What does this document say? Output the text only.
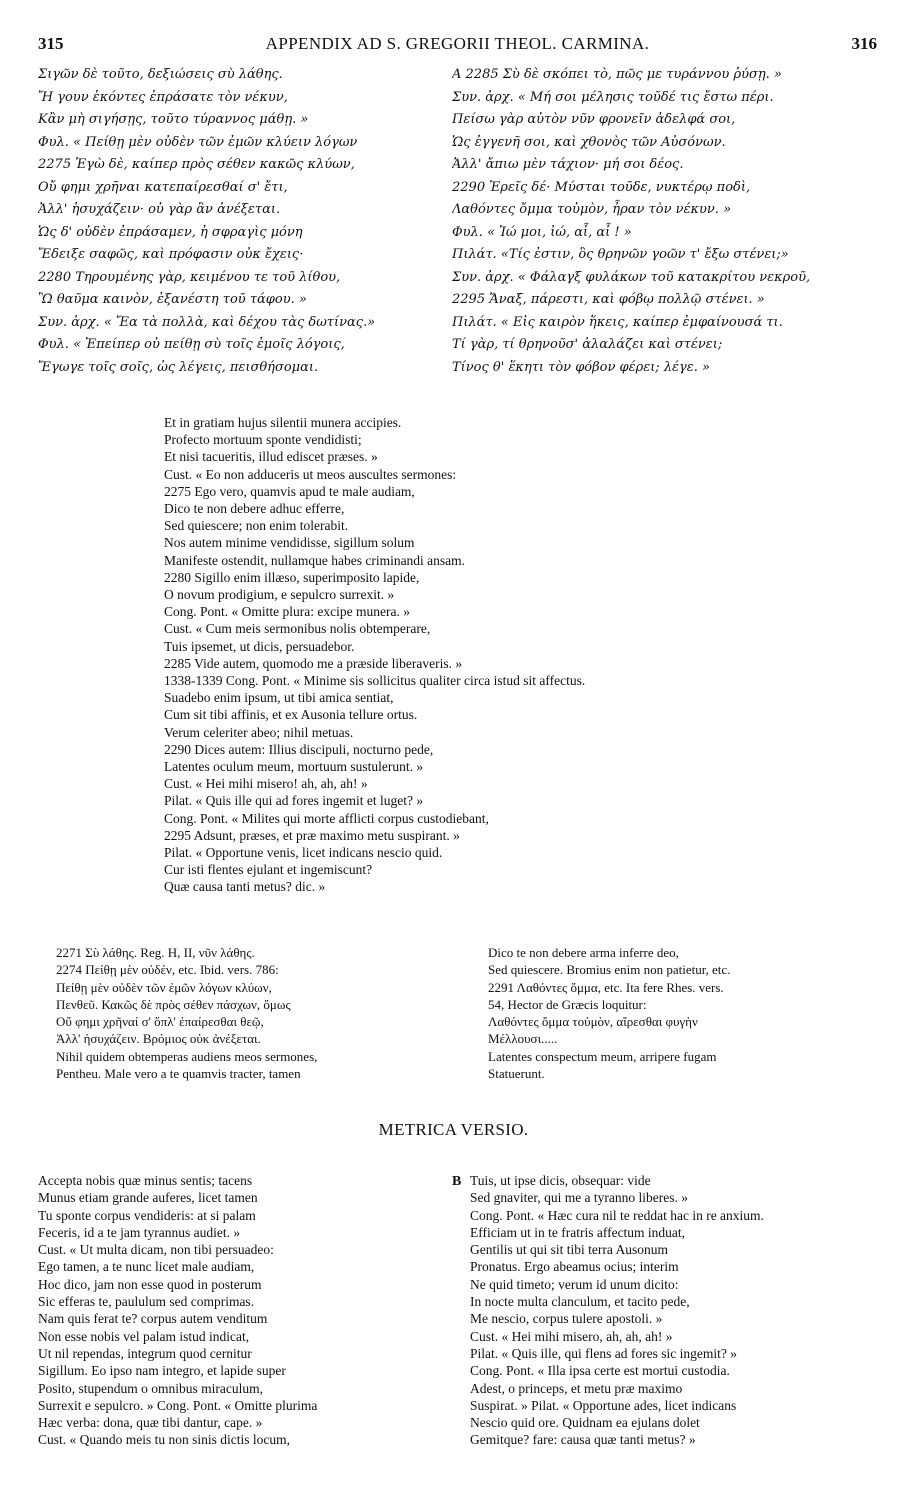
315	APPENDIX AD S. GREGORII THEOL. CARMINA.	316
Σιγῶν δὲ τοῦτο, δεξιώσεις σὺ λάθης.
Ἤ γουν ἑκόντες ἐπράσατε τὸν νέκυν,
Κἂν μὴ σιγήσῃς, τοῦτο τύραννος μάθῃ. »
Φυλ. « Πείθῃ μὲν οὐδὲν τῶν ἐμῶν κλύειν λόγων
2275 Ἐγὼ δὲ, καίπερ πρὸς σέθεν κακῶς κλύων,
Οὔ φημι χρῆναι κατεπαίρεσθαί σ' ἔτι,
Ἀλλ' ἡσυχάζειν· οὐ γὰρ ἂν ἀνέξεται.
Ὡς δ' οὐδὲν ἐπράσαμεν, ἡ σφραγὶς μόνη
Ἔδειξε σαφῶς, καὶ πρόφασιν οὐκ ἔχεις·
2280 Τηρουμένης γὰρ, κειμένου τε τοῦ λίθου,
Ὢ θαῦμα καινὸν, ἐξανέστη τοῦ τάφου. »
Συν. ἀρχ. « Ἔα τὰ πολλὰ, καὶ δέχου τὰς δωτίνας.»
Φυλ. « Ἐπείπερ οὐ πείθῃ σὺ τοῖς ἐμοῖς λόγοις,
Ἔγωγε τοῖς σοῖς, ὡς λέγεις, πεισθήσομαι.
A 2285 Σὺ δὲ σκόπει τὸ, πῶς με τυράννου ῥύσῃ. »
Συν. ἀρχ. « Μή σοι μέλησις τοῦδέ τις ἔστω πέρι.
Πείσω γὰρ αὐτὸν νῦν φρονεῖν ἀδελφά σοι,
Ὡς ἐγγενῆ σοι, καὶ χθονὸς τῶν Αὐσόνων.
Ἀλλ' ἄπιω μὲν τάχιον· μή σοι δέος.
2290 Ἐρεῖς δέ· Μύσται τοῦδε, νυκτέρῳ ποδὶ,
Λαθόντες ὄμμα τοὐμὸν, ἦραν τὸν νέκυν. »
Φυλ. « Ἰώ μοι, ἰώ, αἶ, αἶ ! »
Πιλάτ. «Τίς ἐστιν, ὃς θρηνῶν γοῶν τ' ἔξω στένει;»
Συν. ἀρχ. « Φάλαγξ φυλάκων τοῦ κατακρίτου νεκροῦ,
2295 Ἄναξ, πάρεστι, καὶ φόβῳ πολλῷ στένει. »
Πιλάτ. « Εἰς καιρὸν ἥκεις, καίπερ ἐμφαίνουσά τι.
Τί γὰρ, τί θρηνοῦσ' ἀλαλάζει καὶ στένει;
Τίνος θ' ἕκητι τὸν φόβον φέρει; λέγε. »
Et in gratiam hujus silentii munera accipies.
Profecto mortuum sponte vendidisti;
Et nisi tacueritis, illud ediscet præses. »
Cust. « Eo non adduceris ut meos auscultes sermones:
2275 Ego vero, quamvis apud te male audiam,
Dico te non debere adhuc efferre,
Sed quiescere; non enim tolerabit.
Nos autem minime vendidisse, sigillum solum
Manifeste ostendit, nullamque habes criminandi ansam.
2280 Sigillo enim illæso, superimposito lapide,
O novum prodigium, e sepulcro surrexit. »
Cong. Pont. « Omitte plura: excipe munera. »
Cust. « Cum meis sermonibus nolis obtemperare,
Tuis ipsemet, ut dicis, persuadebor.
2285 Vide autem, quomodo me a præside liberaveris. »
1338-1339 Cong. Pont. « Minime sis sollicitus qualiter circa istud sit affectus.
Suadebo enim ipsum, ut tibi amica sentiat,
Cum sit tibi affinis, et ex Ausonia tellure ortus.
Verum celeriter abeo; nihil metuas.
2290 Dices autem: Illius discipuli, nocturno pede,
Latentes oculum meum, mortuum sustulerunt. »
Cust. « Hei mihi misero! ah, ah, ah! »
Pilat. « Quis ille qui ad fores ingemit et luget? »
Cong. Pont. « Milites qui morte afflicti corpus custodiebant,
2295 Adsunt, præses, et præ maximo metu suspirant. »
Pilat. « Opportune venis, licet indicans nescio quid.
Cur isti flentes ejulant et ingemiscunt?
Quæ causa tanti metus? dic. »
2271 Σὺ λάθης. Reg. H, II, νῦν λάθης.
2274 Πείθῃ μὲν οὐδέν, etc. Ibid. vers. 786:
Πείθῃ μὲν οὐδὲν τῶν ἐμῶν λόγων κλύων,
Πενθεῦ. Κακῶς δὲ πρὸς σέθεν πάσχων, ὅμως
Οὔ φημι χρῆναί σ' ὅπλ' ἐπαίρεσθαι θεῷ,
Ἀλλ' ἡσυχάζειν. Βρόμιος οὐκ ἀνέξεται.
Nihil quidem obtemperas audiens meos sermones,
Pentheu. Male vero a te quamvis tracter, tamen
Dico te non debere arma inferre deo,
Sed quiescere. Bromius enim non patietur, etc.
2291 Λαθόντες ὄμμα, etc. Ita fere Rhes. vers.
54, Hector de Græcis loquitur:
Λαθόντες ὄμμα τοὐμὸν, αἴρεσθαι φυγὴν
Μέλλουσι.....
Latentes conspectum meum, arripere fugam
Statuerunt.
METRICA VERSIO.
Accepta nobis quæ minus sentis; tacens
Munus etiam grande auferes, licet tamen
Tu sponte corpus vendideris: at si palam
Feceris, id a te jam tyrannus audiet. »
Cust. « Ut multa dicam, non tibi persuadeo:
Ego tamen, a te nunc licet male audiam,
Hoc dico, jam non esse quod in posterum
Sic efferas te, paululum sed comprimas.
Nam quis ferat te? corpus autem venditum
Non esse nobis vel palam istud indicat,
Ut nil rependas, integrum quod cernitur
Sigillum. Eo ipso nam integro, et lapide super
Posito, stupendum o omnibus miraculum,
Surrexit e sepulcro. » Cong. Pont. « Omitte plurima
Hæc verba: dona, quæ tibi dantur, cape. »
Cust. « Quando meis tu non sinis dictis locum,
B Tuis, ut ipse dicis, obsequar: vide
Sed gnaviter, qui me a tyranno liberes. »
Cong. Pont. « Hæc cura nil te reddat hac in re anxium.
Efficiam ut in te fratris affectum induat,
Gentilis ut qui sit tibi terra Ausonum
Pronatus. Ergo abeamus ocius; interim
Ne quid timeto; verum id unum dicito:
In nocte multa clanculum, et tacito pede,
Me nescio, corpus tulere apostoli. »
Cust. « Hei mihi misero, ah, ah, ah! »
Pilat. « Quis ille, qui flens ad fores sic ingemit? »
Cong. Pont. « Illa ipsa certe est mortui custodia.
Adest, o princeps, et metu præ maximo
Suspirat. » Pilat. « Opportune ades, licet indicans
Nescio quid ore. Quidnam ea ejulans dolet
Gemitque? fare: causa quæ tanti metus? »
